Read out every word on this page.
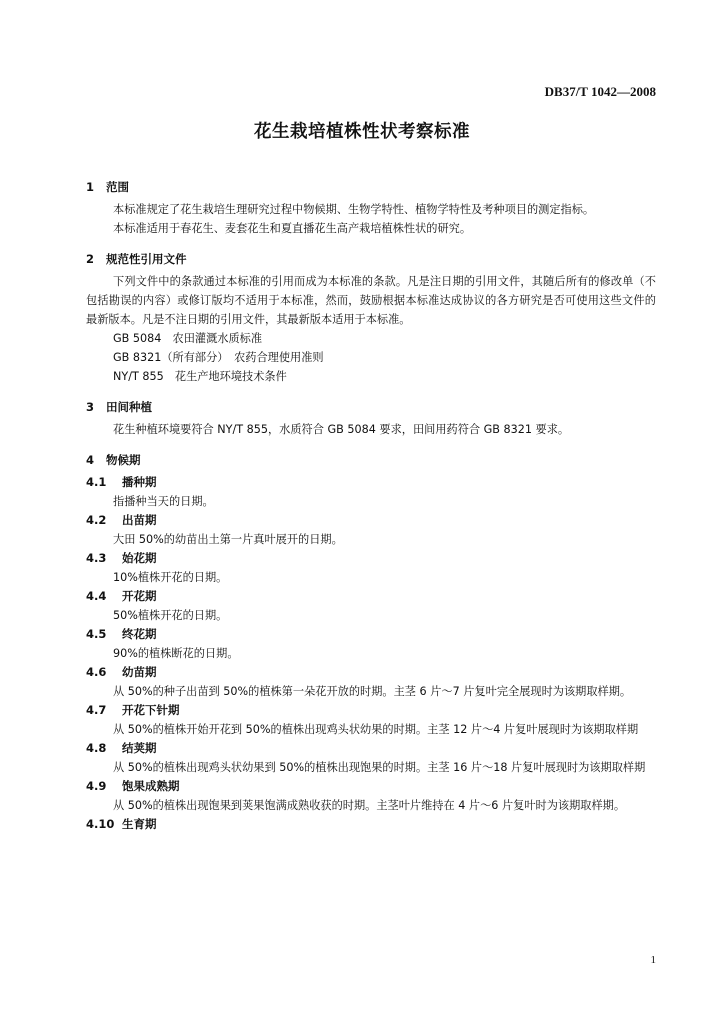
DB37/T 1042—2008
花生栽培植株性状考察标准
1 范围

本标准规定了花生栽培生理研究过程中物候期、生物学特性、植物学特性及考种项目的测定指标。

本标准适用于春花生、麦套花生和夏直播花生高产栽培植株性状的研究。

2 规范性引用文件

下列文件中的条款通过本标准的引用而成为本标准的条款。凡是注日期的引用文件，其随后所有的修改单（不包括勘误的内容）或修订版均不适用于本标准，然而，鼓励根据本标准达成协议的各方研究是否可使用这些文件的最新版本。凡是不注日期的引用文件，其最新版本适用于本标准。

GB 5084　农田灌溉水质标准
GB 8321（所有部分）　农药合理使用准则
NY/T 855　花生产地环境技术条件
3 田间种植

花生种植环境要符合 NY/T 855，水质符合 GB 5084 要求，田间用药符合 GB 8321 要求。

4 物候期
4.1 播种期

指播种当天的日期。

4.2 出苗期

大田 50%的幼苗出土第一片真叶展开的日期。

4.3 始花期

10%植株开花的日期。

4.4 开花期

50%植株开花的日期。

4.5 终花期

90%的植株断花的日期。

4.6 幼苗期

从 50%的种子出苗到 50%的植株第一朵花开放的时期。主茎 6 片～7 片复叶完全展现时为该期取样期。

4.7 开花下针期

从 50%的植株开始开花到 50%的植株出现鸡头状幼果的时期。主茎 12 片～4 片复叶展现时为该期取样期

4.8 结荚期

从 50%的植株出现鸡头状幼果到 50%的植株出现饱果的时期。主茎 16 片～18 片复叶展现时为该期取样期

4.9 饱果成熟期

从 50%的植株出现饱果到荚果饱满成熟收获的时期。主茎叶片维持在 4 片～6 片复叶时为该期取样期。

4.10 生育期
1
